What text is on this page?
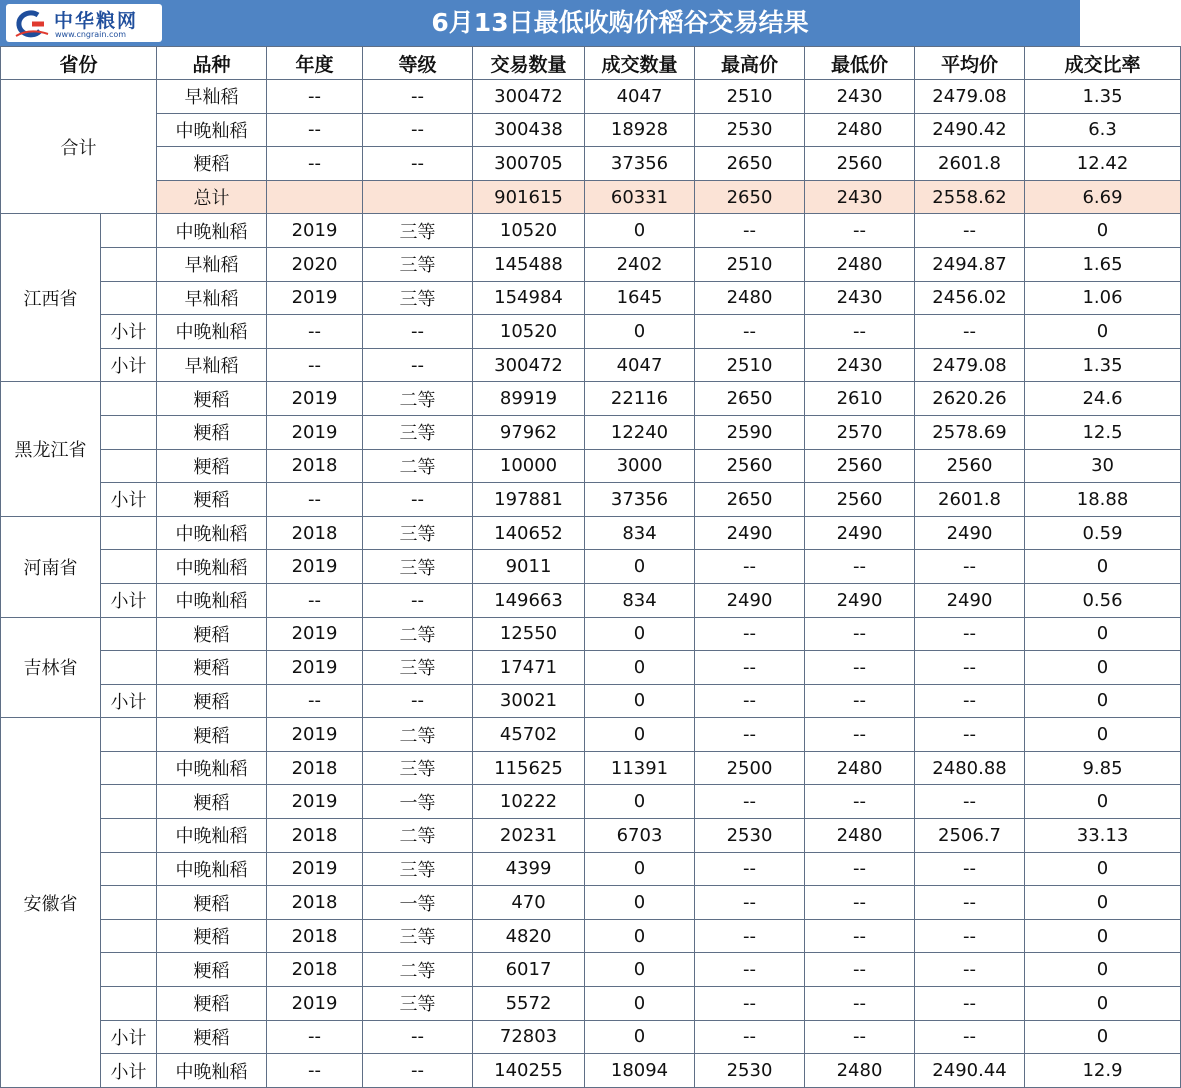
中华粮网
www.cngrain.com	6月13日最低收购价稻谷交易结果
省份		品种	年度	等级	交易数量	成交数量	最高价	最低价	平均价	成交比率
合计		早籼稻	--	--	300472	4047	2510	2430	2479.08	1.35
		中晚籼稻	--	--	300438	18928	2530	2480	2490.42	6.3
		粳稻	--	--	300705	37356	2650	2560	2601.8	12.42
		总计			901615	60331	2650	2430	2558.62	6.69
江西省		中晚籼稻	2019	三等	10520	0	--	--	--	0
		早籼稻	2020	三等	145488	2402	2510	2480	2494.87	1.65
		早籼稻	2019	三等	154984	1645	2480	2430	2456.02	1.06
	小计	中晚籼稻	--	--	10520	0	--	--	--	0
	小计	早籼稻	--	--	300472	4047	2510	2430	2479.08	1.35
黑龙江省		粳稻	2019	二等	89919	22116	2650	2610	2620.26	24.6
		粳稻	2019	三等	97962	12240	2590	2570	2578.69	12.5
		粳稻	2018	二等	10000	3000	2560	2560	2560	30
	小计	粳稻	--	--	197881	37356	2650	2560	2601.8	18.88
河南省		中晚籼稻	2018	三等	140652	834	2490	2490	2490	0.59
		中晚籼稻	2019	三等	9011	0	--	--	--	0
	小计	中晚籼稻	--	--	149663	834	2490	2490	2490	0.56
吉林省		粳稻	2019	二等	12550	0	--	--	--	0
		粳稻	2019	三等	17471	0	--	--	--	0
	小计	粳稻	--	--	30021	0	--	--	--	0
安徽省		粳稻	2019	二等	45702	0	--	--	--	0
		中晚籼稻	2018	三等	115625	11391	2500	2480	2480.88	9.85
		粳稻	2019	一等	10222	0	--	--	--	0
		中晚籼稻	2018	二等	20231	6703	2530	2480	2506.7	33.13
		中晚籼稻	2019	三等	4399	0	--	--	--	0
		粳稻	2018	一等	470	0	--	--	--	0
		粳稻	2018	三等	4820	0	--	--	--	0
		粳稻	2018	二等	6017	0	--	--	--	0
		粳稻	2019	三等	5572	0	--	--	--	0
	小计	粳稻	--	--	72803	0	--	--	--	0
	小计	中晚籼稻	--	--	140255	18094	2530	2480	2490.44	12.9
